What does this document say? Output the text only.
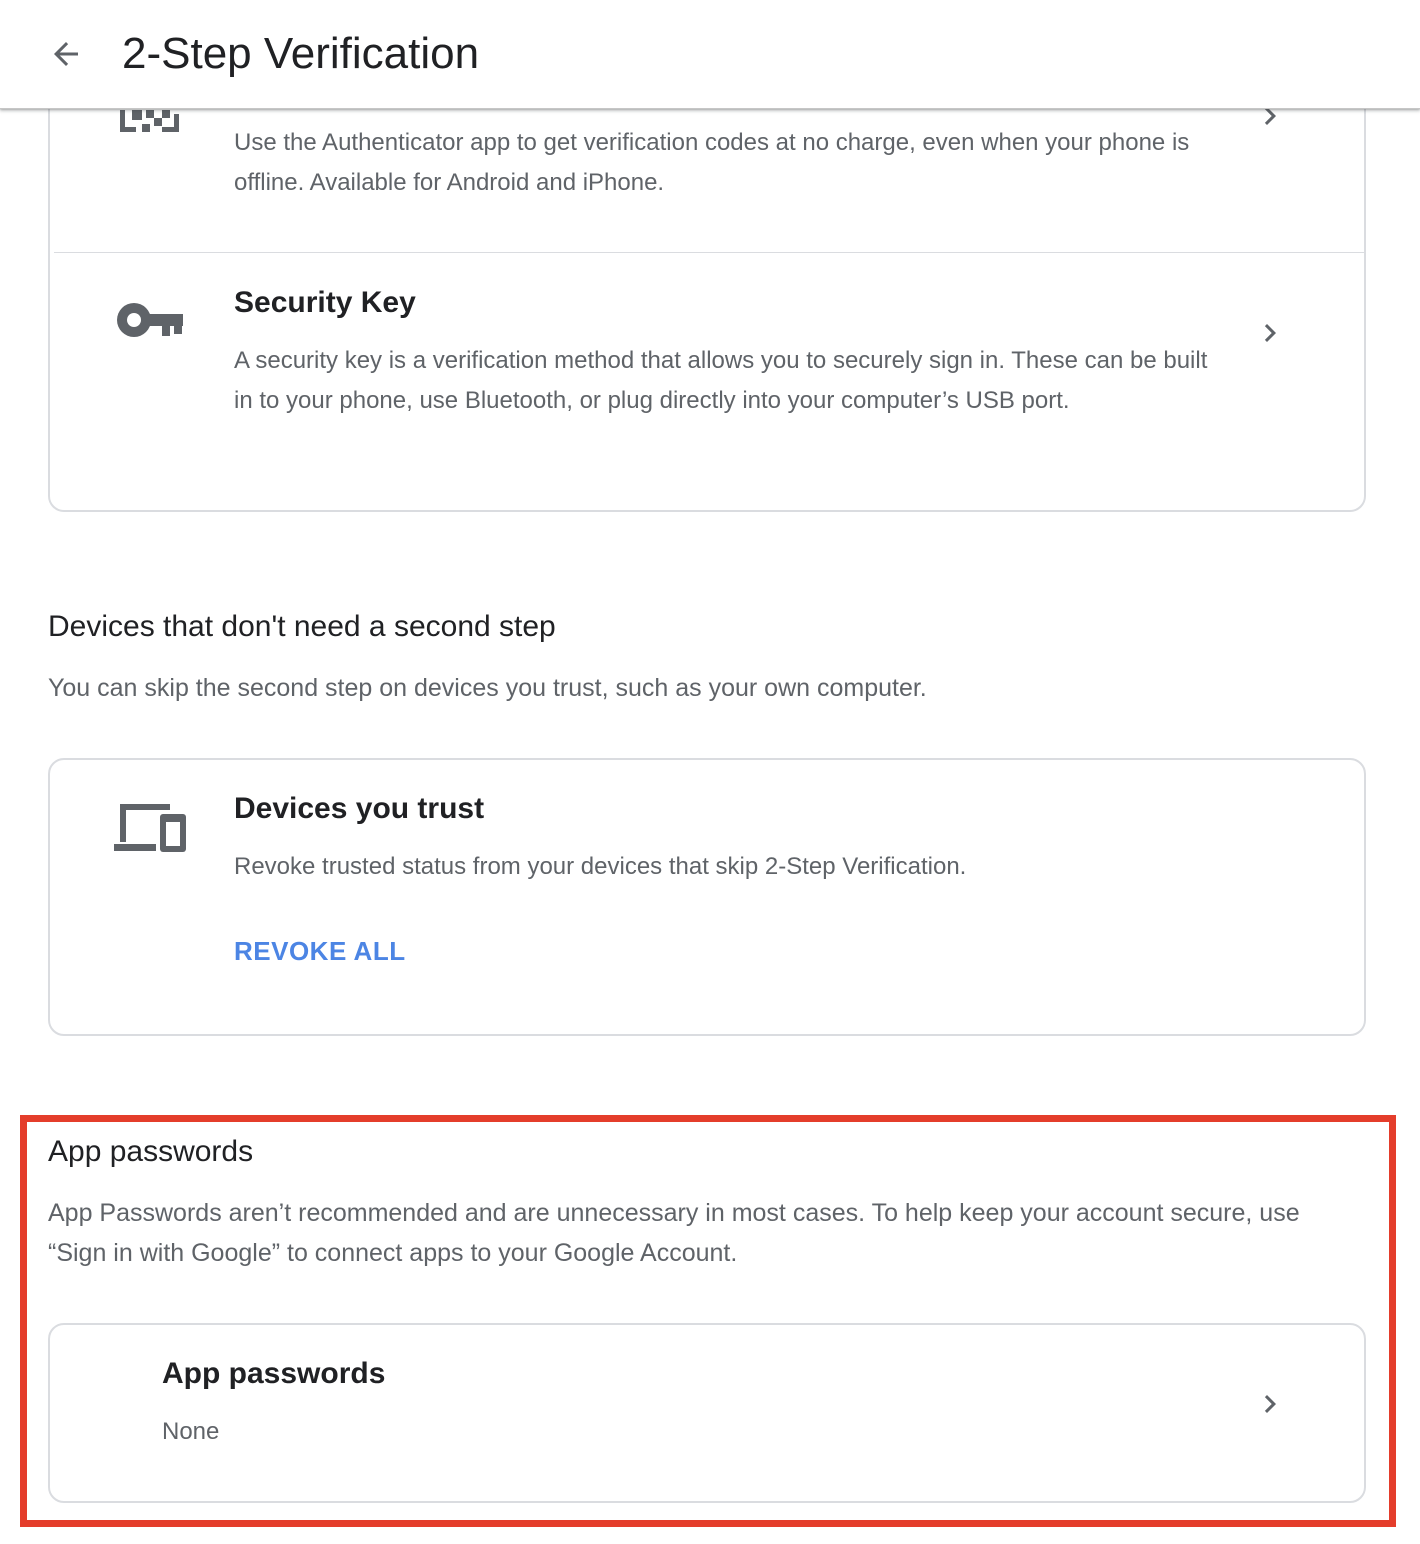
2-Step Verification
Use the Authenticator app to get verification codes at no charge, even when your phone is offline. Available for Android and iPhone.
Security Key
A security key is a verification method that allows you to securely sign in. These can be built in to your phone, use Bluetooth, or plug directly into your computer’s USB port.
Devices that don't need a second step
You can skip the second step on devices you trust, such as your own computer.
Devices you trust
Revoke trusted status from your devices that skip 2-Step Verification.
REVOKE ALL
App passwords
App Passwords aren’t recommended and are unnecessary in most cases. To help keep your account secure, use “Sign in with Google” to connect apps to your Google Account.
App passwords
None
